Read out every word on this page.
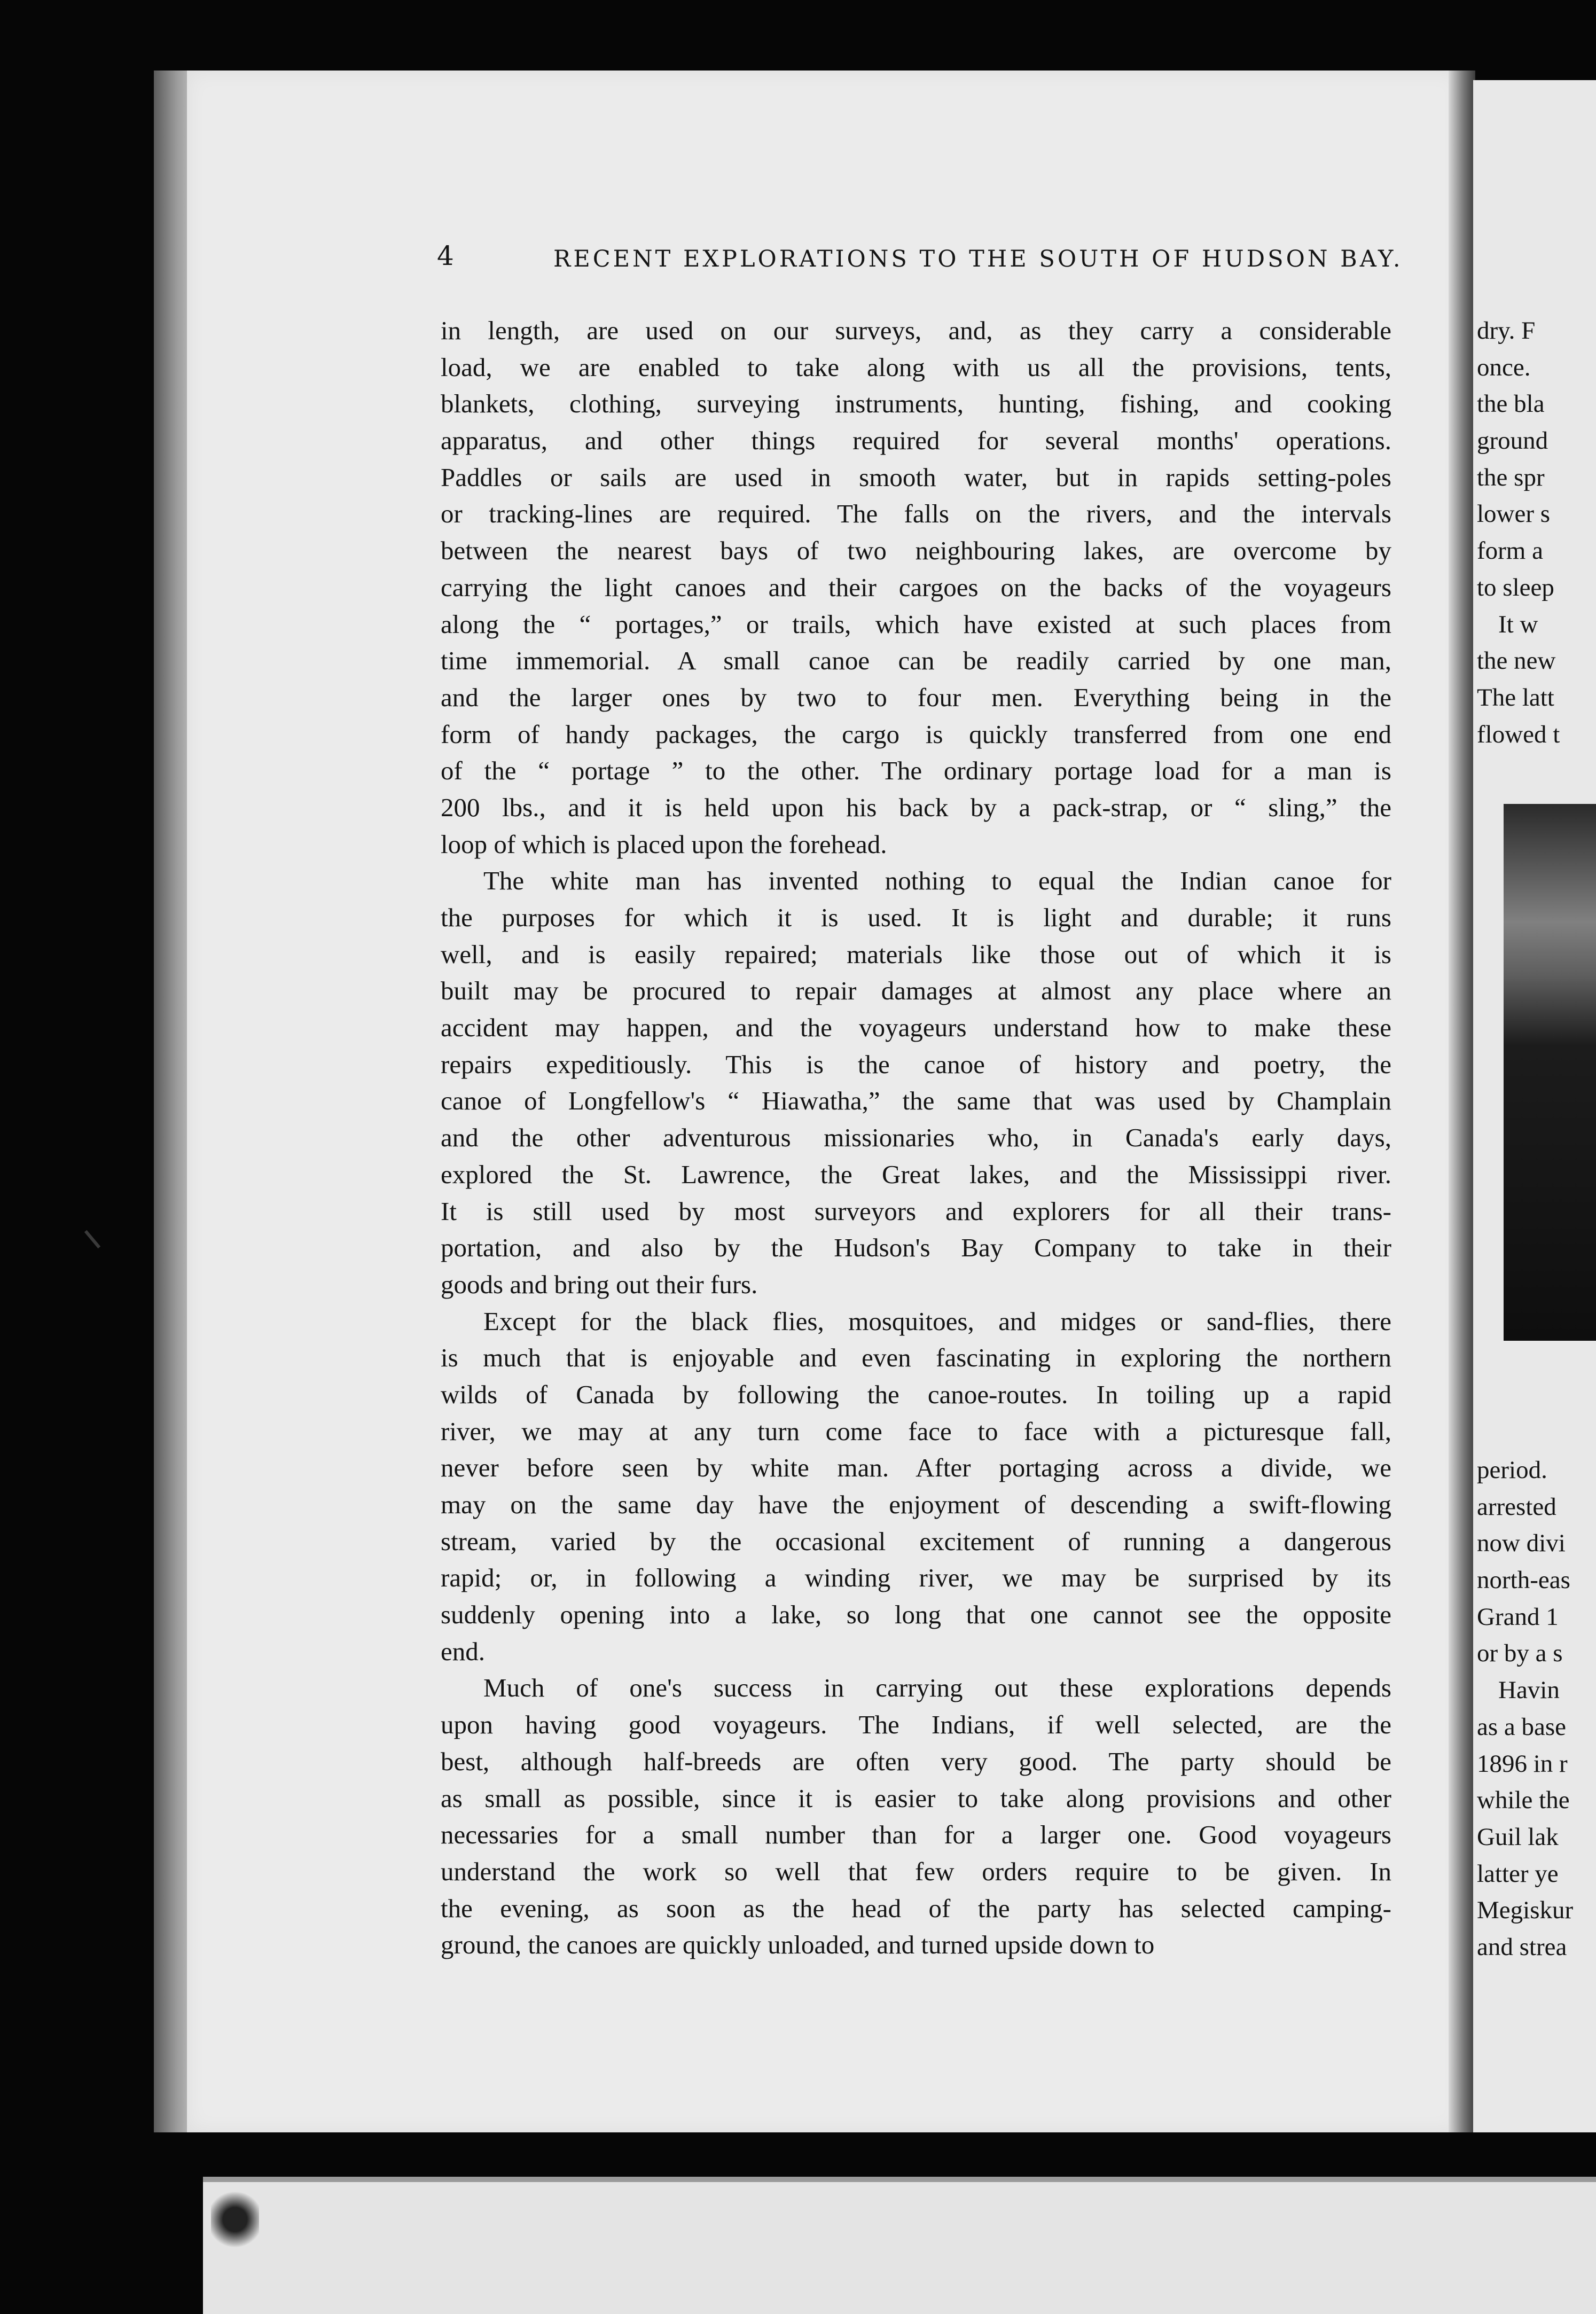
4	RECENT EXPLORATIONS TO THE SOUTH OF HUDSON BAY.
in length, are used on our surveys, and, as they carry a considerable
load, we are enabled to take along with us all the provisions, tents,
blankets, clothing, surveying instruments, hunting, fishing, and cooking
apparatus, and other things required for several months' operations.
Paddles or sails are used in smooth water, but in rapids setting-poles
or tracking-lines are required. The falls on the rivers, and the intervals
between the nearest bays of two neighbouring lakes, are overcome by
carrying the light canoes and their cargoes on the backs of the voyageurs
along the “ portages,” or trails, which have existed at such places from
time immemorial. A small canoe can be readily carried by one man,
and the larger ones by two to four men. Everything being in the
form of handy packages, the cargo is quickly transferred from one end
of the “ portage ” to the other. The ordinary portage load for a man is
200 lbs., and it is held upon his back by a pack-strap, or “ sling,” the
loop of which is placed upon the forehead.
The white man has invented nothing to equal the Indian canoe for
the purposes for which it is used. It is light and durable; it runs
well, and is easily repaired; materials like those out of which it is
built may be procured to repair damages at almost any place where an
accident may happen, and the voyageurs understand how to make these
repairs expeditiously. This is the canoe of history and poetry, the
canoe of Longfellow's “ Hiawatha,” the same that was used by Champlain
and the other adventurous missionaries who, in Canada's early days,
explored the St. Lawrence, the Great lakes, and the Mississippi river.
It is still used by most surveyors and explorers for all their trans-
portation, and also by the Hudson's Bay Company to take in their
goods and bring out their furs.
Except for the black flies, mosquitoes, and midges or sand-flies, there
is much that is enjoyable and even fascinating in exploring the northern
wilds of Canada by following the canoe-routes. In toiling up a rapid
river, we may at any turn come face to face with a picturesque fall,
never before seen by white man. After portaging across a divide, we
may on the same day have the enjoyment of descending a swift-flowing
stream, varied by the occasional excitement of running a dangerous
rapid; or, in following a winding river, we may be surprised by its
suddenly opening into a lake, so long that one cannot see the opposite
end.
Much of one's success in carrying out these explorations depends
upon having good voyageurs. The Indians, if well selected, are the
best, although half-breeds are often very good. The party should be
as small as possible, since it is easier to take along provisions and other
necessaries for a small number than for a larger one. Good voyageurs
understand the work so well that few orders require to be given. In
the evening, as soon as the head of the party has selected camping-
ground, the canoes are quickly unloaded, and turned upside down to
dry. F
once.
the bla
ground
the spr
lower s
form a
to sleep
It w
the new
The latt
flowed t
period.
arrested
now divi
north-eas
Grand 1
or by a s
Havin
as a base
1896 in r
while the
Guil lak
latter ye
Megiskur
and strea
